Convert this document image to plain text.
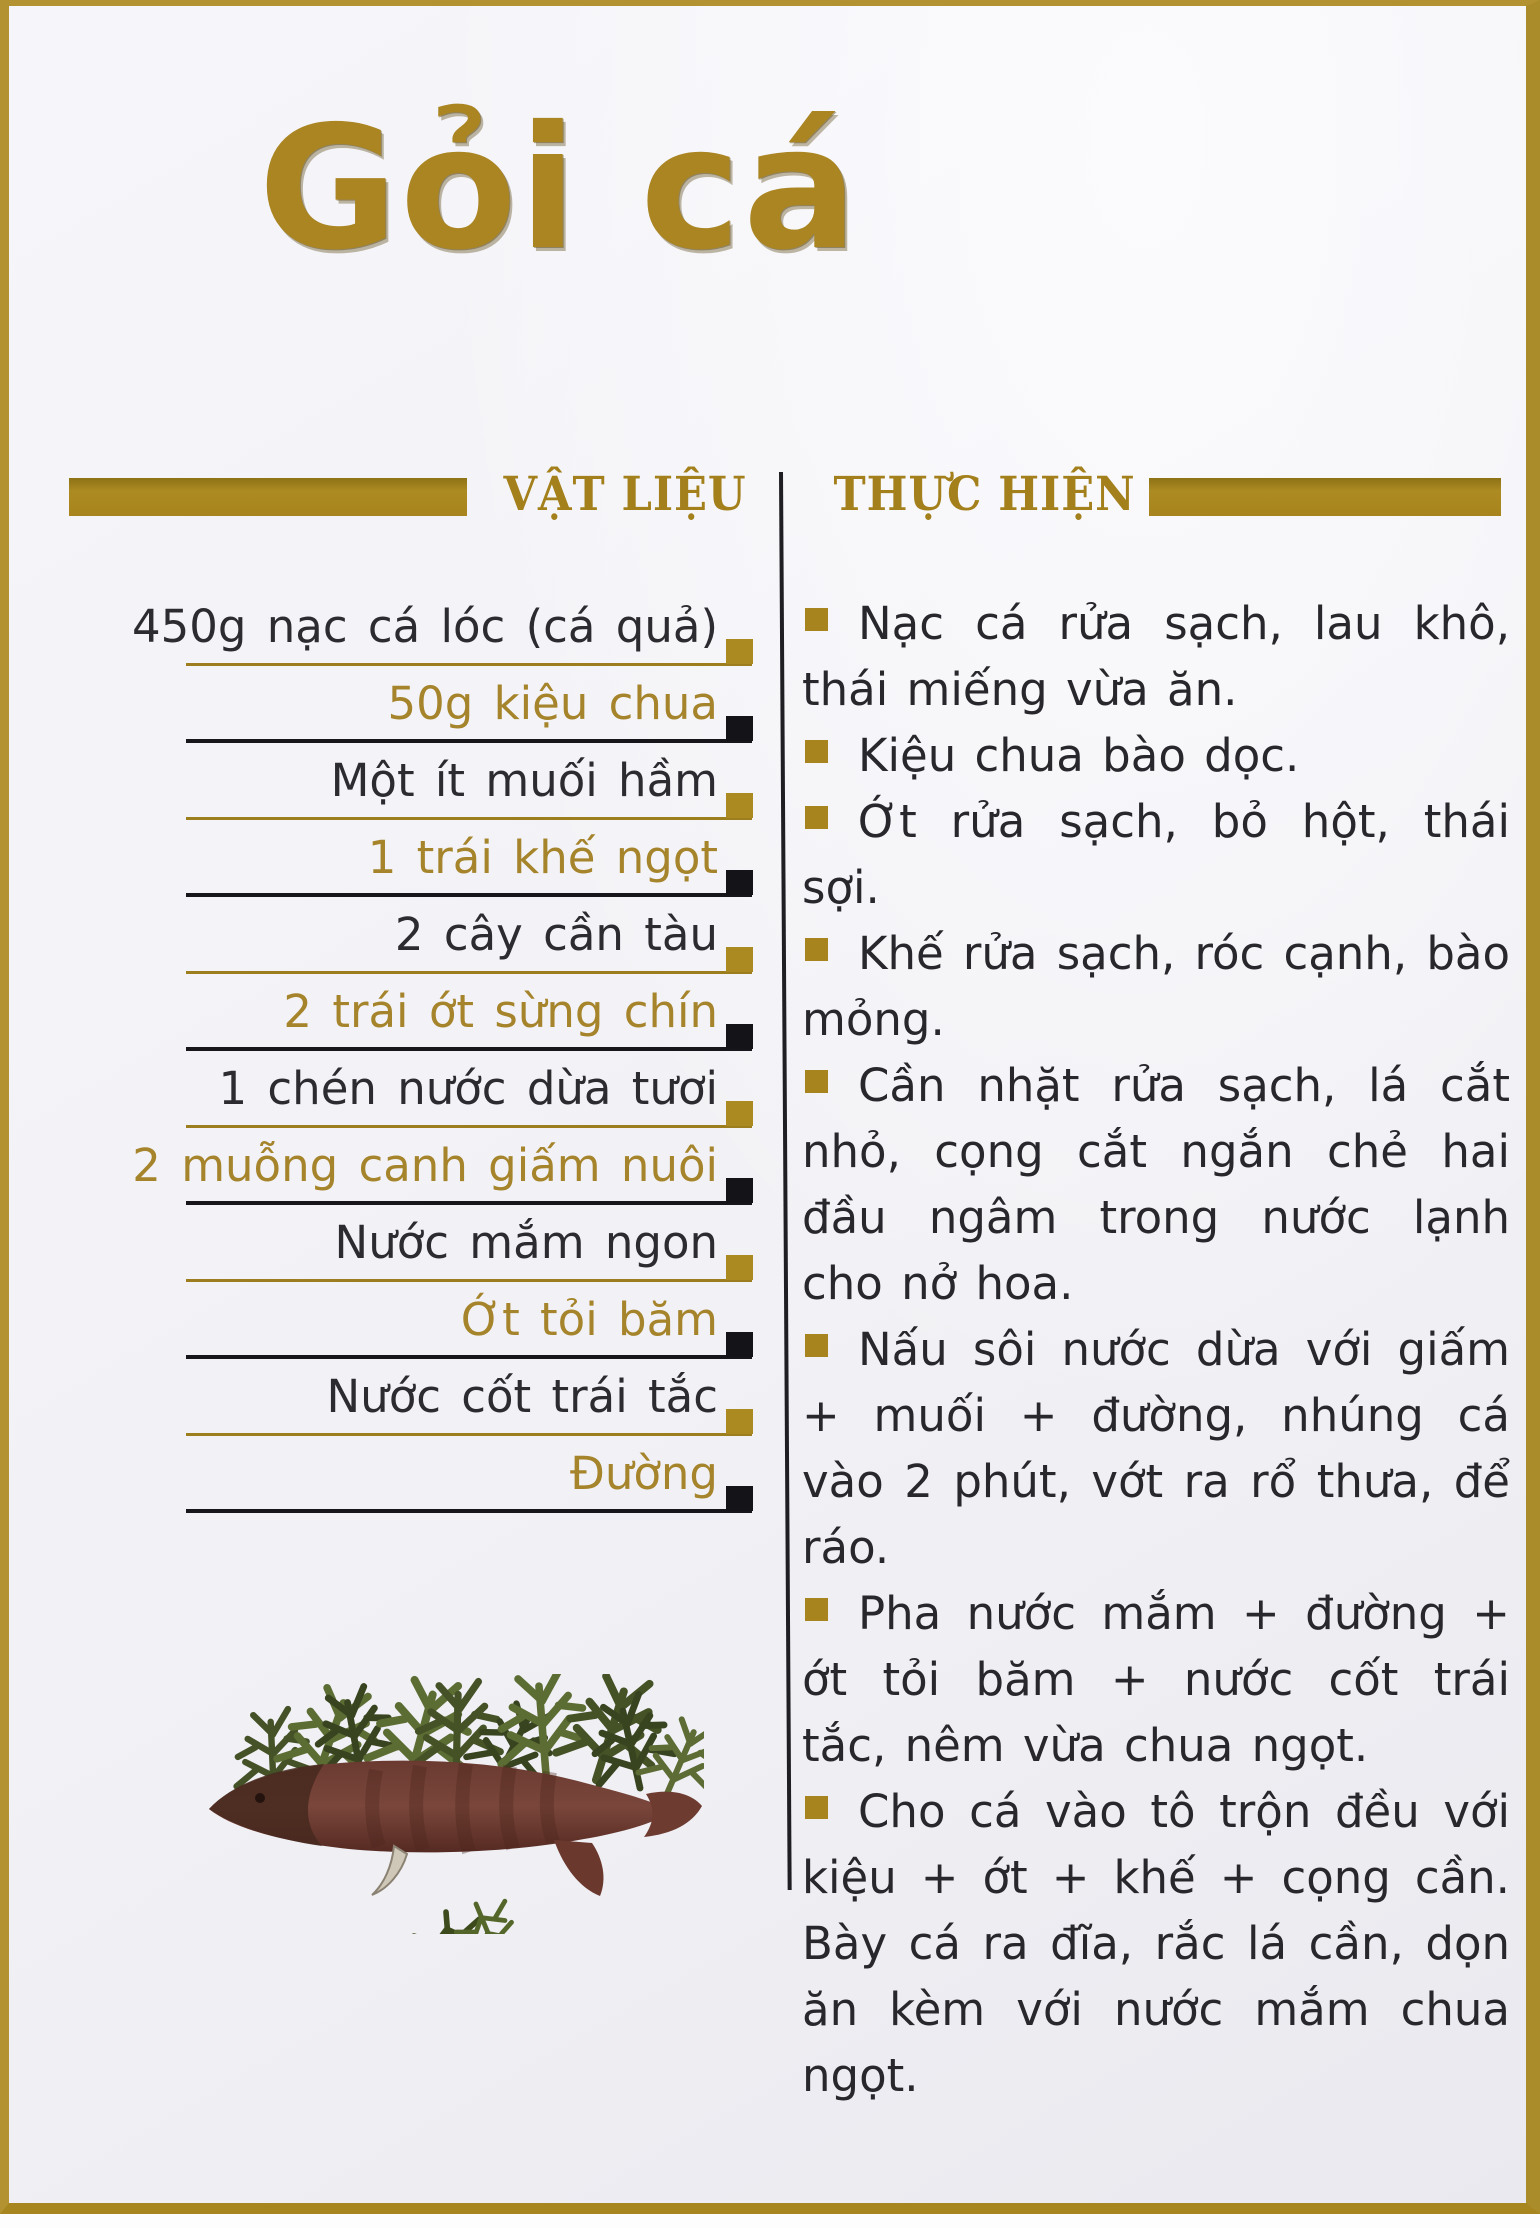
Gỏi cá
VẬT LIỆU	THỰC HIỆN
450g nạc cá lóc (cá quả)
50g kiệu chua
Một ít muối hầm
1 trái khế ngọt
2 cây cần tàu
2 trái ớt sừng chín
1 chén nước dừa tươi
2 muỗng canh giấm nuôi
Nước mắm ngon
Ớt tỏi băm
Nước cốt trái tắc
Đường

Nạc cá rửa sạch, lau khô, thái miếng vừa ăn.

Kiệu chua bào dọc.

Ớt rửa sạch, bỏ hột, thái sợi.

Khế rửa sạch, róc cạnh, bào mỏng.

Cần nhặt rửa sạch, lá cắt nhỏ, cọng cắt ngắn chẻ hai đầu ngâm trong nước lạnh cho nở hoa.

Nấu sôi nước dừa với giấm + muối + đường, nhúng cá vào 2 phút, vớt ra rổ thưa, để ráo.

Pha nước mắm + đường + ớt tỏi băm + nước cốt trái tắc, nêm vừa chua ngọt.

Cho cá vào tô trộn đều với kiệu + ớt + khế + cọng cần. Bày cá ra đĩa, rắc lá cần, dọn ăn kèm với nước mắm chua ngọt.
